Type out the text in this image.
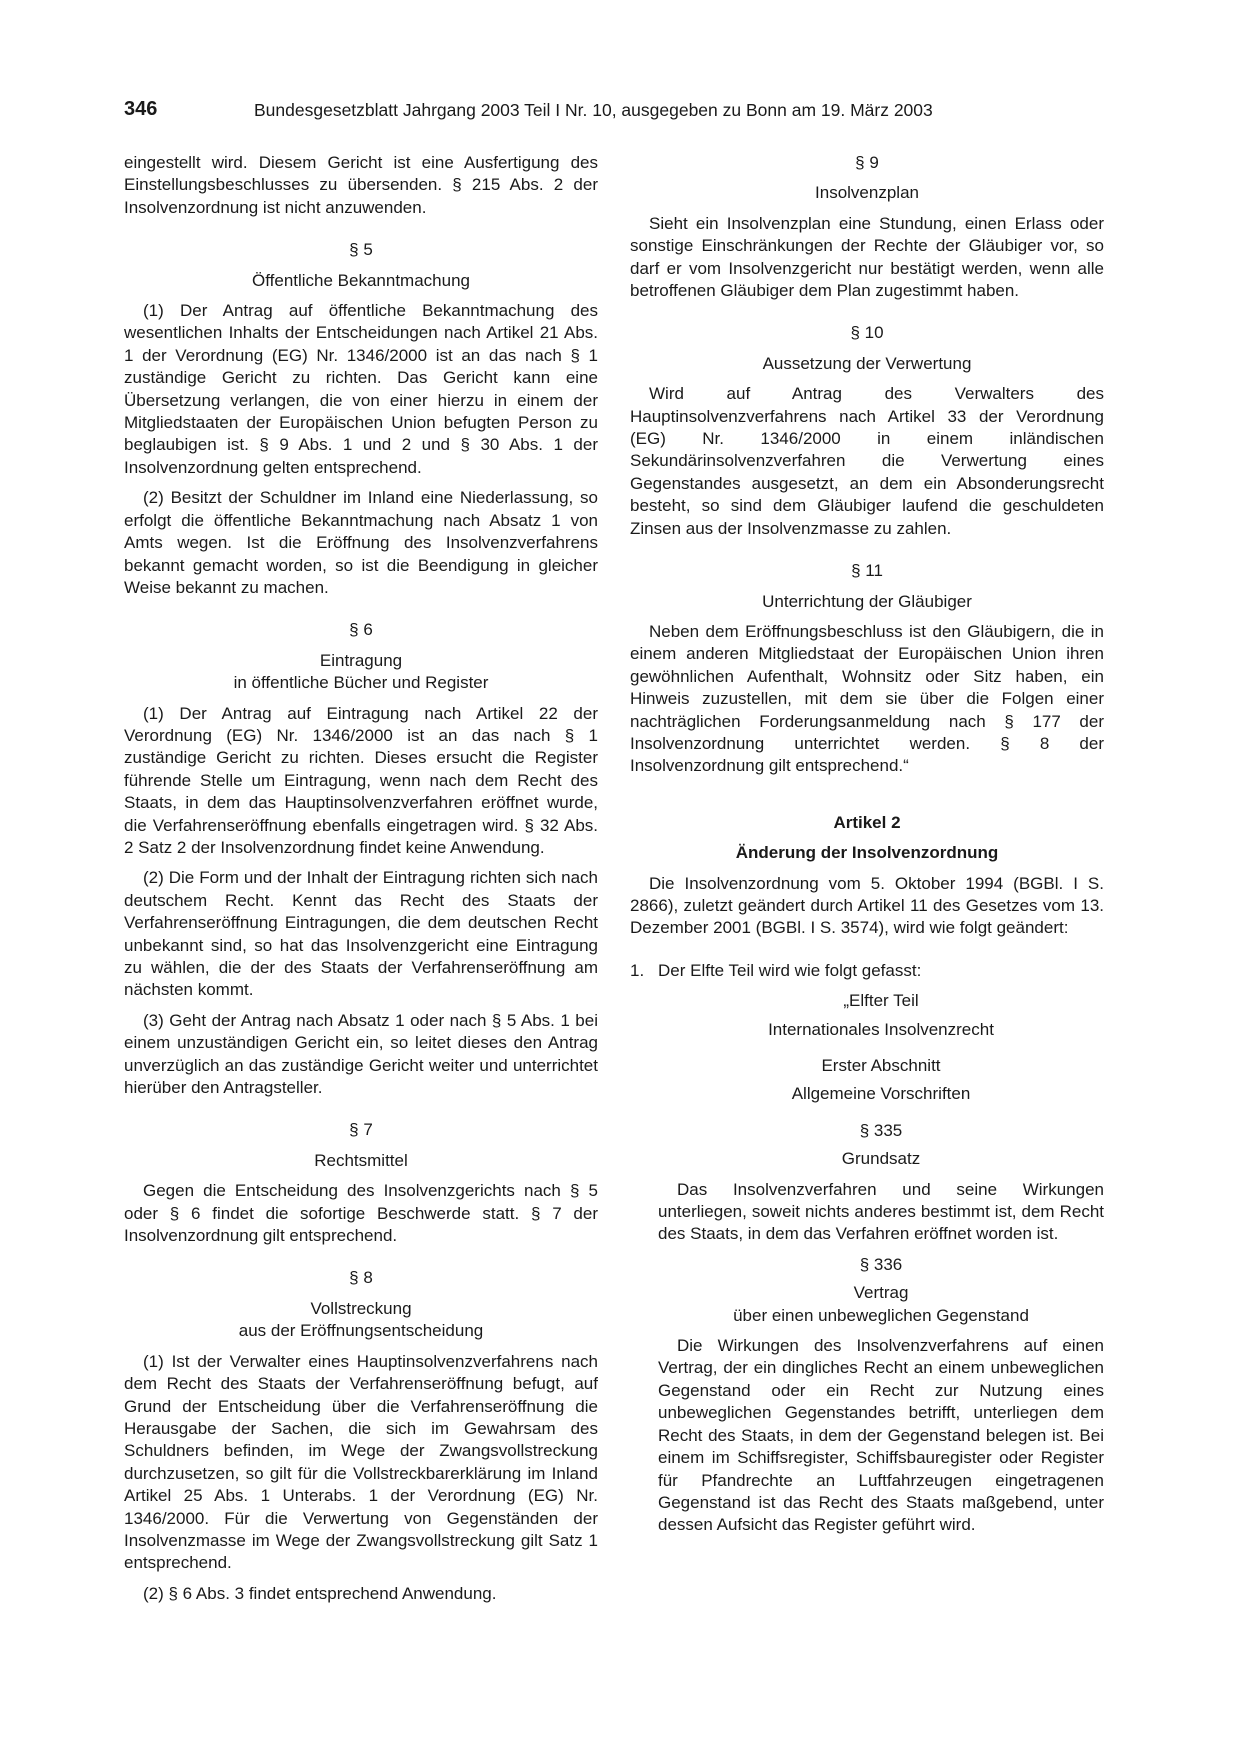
346	Bundesgesetzblatt Jahrgang 2003 Teil I Nr. 10, ausgegeben zu Bonn am 19. März 2003

eingestellt wird. Diesem Gericht ist eine Ausfertigung des Einstellungsbeschlusses zu übersenden. § 215 Abs. 2 der Insolvenzordnung ist nicht anzuwenden.

§ 5
Öffentliche Bekanntmachung

(1) Der Antrag auf öffentliche Bekanntmachung des wesentlichen Inhalts der Entscheidungen nach Artikel 21 Abs. 1 der Verordnung (EG) Nr. 1346/2000 ist an das nach § 1 zuständige Gericht zu richten. Das Gericht kann eine Übersetzung verlangen, die von einer hierzu in einem der Mitgliedstaaten der Europäischen Union befugten Person zu beglaubigen ist. § 9 Abs. 1 und 2 und § 30 Abs. 1 der Insolvenzordnung gelten entsprechend.

(2) Besitzt der Schuldner im Inland eine Niederlassung, so erfolgt die öffentliche Bekanntmachung nach Absatz 1 von Amts wegen. Ist die Eröffnung des Insolvenzverfahrens bekannt gemacht worden, so ist die Beendigung in gleicher Weise bekannt zu machen.

§ 6
Eintragung
in öffentliche Bücher und Register

(1) Der Antrag auf Eintragung nach Artikel 22 der Verordnung (EG) Nr. 1346/2000 ist an das nach § 1 zuständige Gericht zu richten. Dieses ersucht die Register führende Stelle um Eintragung, wenn nach dem Recht des Staats, in dem das Hauptinsolvenzverfahren eröffnet wurde, die Verfahrenseröffnung ebenfalls eingetragen wird. § 32 Abs. 2 Satz 2 der Insolvenzordnung findet keine Anwendung.

(2) Die Form und der Inhalt der Eintragung richten sich nach deutschem Recht. Kennt das Recht des Staats der Verfahrenseröffnung Eintragungen, die dem deutschen Recht unbekannt sind, so hat das Insolvenzgericht eine Eintragung zu wählen, die der des Staats der Verfahrenseröffnung am nächsten kommt.

(3) Geht der Antrag nach Absatz 1 oder nach § 5 Abs. 1 bei einem unzuständigen Gericht ein, so leitet dieses den Antrag unverzüglich an das zuständige Gericht weiter und unterrichtet hierüber den Antragsteller.

§ 7
Rechtsmittel

Gegen die Entscheidung des Insolvenzgerichts nach § 5 oder § 6 findet die sofortige Beschwerde statt. § 7 der Insolvenzordnung gilt entsprechend.

§ 8
Vollstreckung
aus der Eröffnungsentscheidung

(1) Ist der Verwalter eines Hauptinsolvenzverfahrens nach dem Recht des Staats der Verfahrenseröffnung befugt, auf Grund der Entscheidung über die Verfahrenseröffnung die Herausgabe der Sachen, die sich im Gewahrsam des Schuldners befinden, im Wege der Zwangsvollstreckung durchzusetzen, so gilt für die Vollstreckbarerklärung im Inland Artikel 25 Abs. 1 Unterabs. 1 der Verordnung (EG) Nr. 1346/2000. Für die Verwertung von Gegenständen der Insolvenzmasse im Wege der Zwangsvollstreckung gilt Satz 1 entsprechend.

(2) § 6 Abs. 3 findet entsprechend Anwendung.

§ 9
Insolvenzplan

Sieht ein Insolvenzplan eine Stundung, einen Erlass oder sonstige Einschränkungen der Rechte der Gläubiger vor, so darf er vom Insolvenzgericht nur bestätigt werden, wenn alle betroffenen Gläubiger dem Plan zugestimmt haben.

§ 10
Aussetzung der Verwertung

Wird auf Antrag des Verwalters des Hauptinsolvenzverfahrens nach Artikel 33 der Verordnung (EG) Nr. 1346/2000 in einem inländischen Sekundärinsolvenzverfahren die Verwertung eines Gegenstandes ausgesetzt, an dem ein Absonderungsrecht besteht, so sind dem Gläubiger laufend die geschuldeten Zinsen aus der Insolvenzmasse zu zahlen.

§ 11
Unterrichtung der Gläubiger

Neben dem Eröffnungsbeschluss ist den Gläubigern, die in einem anderen Mitgliedstaat der Europäischen Union ihren gewöhnlichen Aufenthalt, Wohnsitz oder Sitz haben, ein Hinweis zuzustellen, mit dem sie über die Folgen einer nachträglichen Forderungsanmeldung nach § 177 der Insolvenzordnung unterrichtet werden. § 8 der Insolvenzordnung gilt entsprechend.“

Artikel 2
Änderung der Insolvenzordnung

Die Insolvenzordnung vom 5. Oktober 1994 (BGBl. I S. 2866), zuletzt geändert durch Artikel 11 des Gesetzes vom 13. Dezember 2001 (BGBl. I S. 3574), wird wie folgt geändert:

1. Der Elfte Teil wird wie folgt gefasst:
„Elfter Teil
Internationales Insolvenzrecht
Erster Abschnitt
Allgemeine Vorschriften
§ 335
Grundsatz

Das Insolvenzverfahren und seine Wirkungen unterliegen, soweit nichts anderes bestimmt ist, dem Recht des Staats, in dem das Verfahren eröffnet worden ist.

§ 336
Vertrag
über einen unbeweglichen Gegenstand

Die Wirkungen des Insolvenzverfahrens auf einen Vertrag, der ein dingliches Recht an einem unbeweglichen Gegenstand oder ein Recht zur Nutzung eines unbeweglichen Gegenstandes betrifft, unterliegen dem Recht des Staats, in dem der Gegenstand belegen ist. Bei einem im Schiffsregister, Schiffsbauregister oder Register für Pfandrechte an Luftfahrzeugen eingetragenen Gegenstand ist das Recht des Staats maßgebend, unter dessen Aufsicht das Register geführt wird.
